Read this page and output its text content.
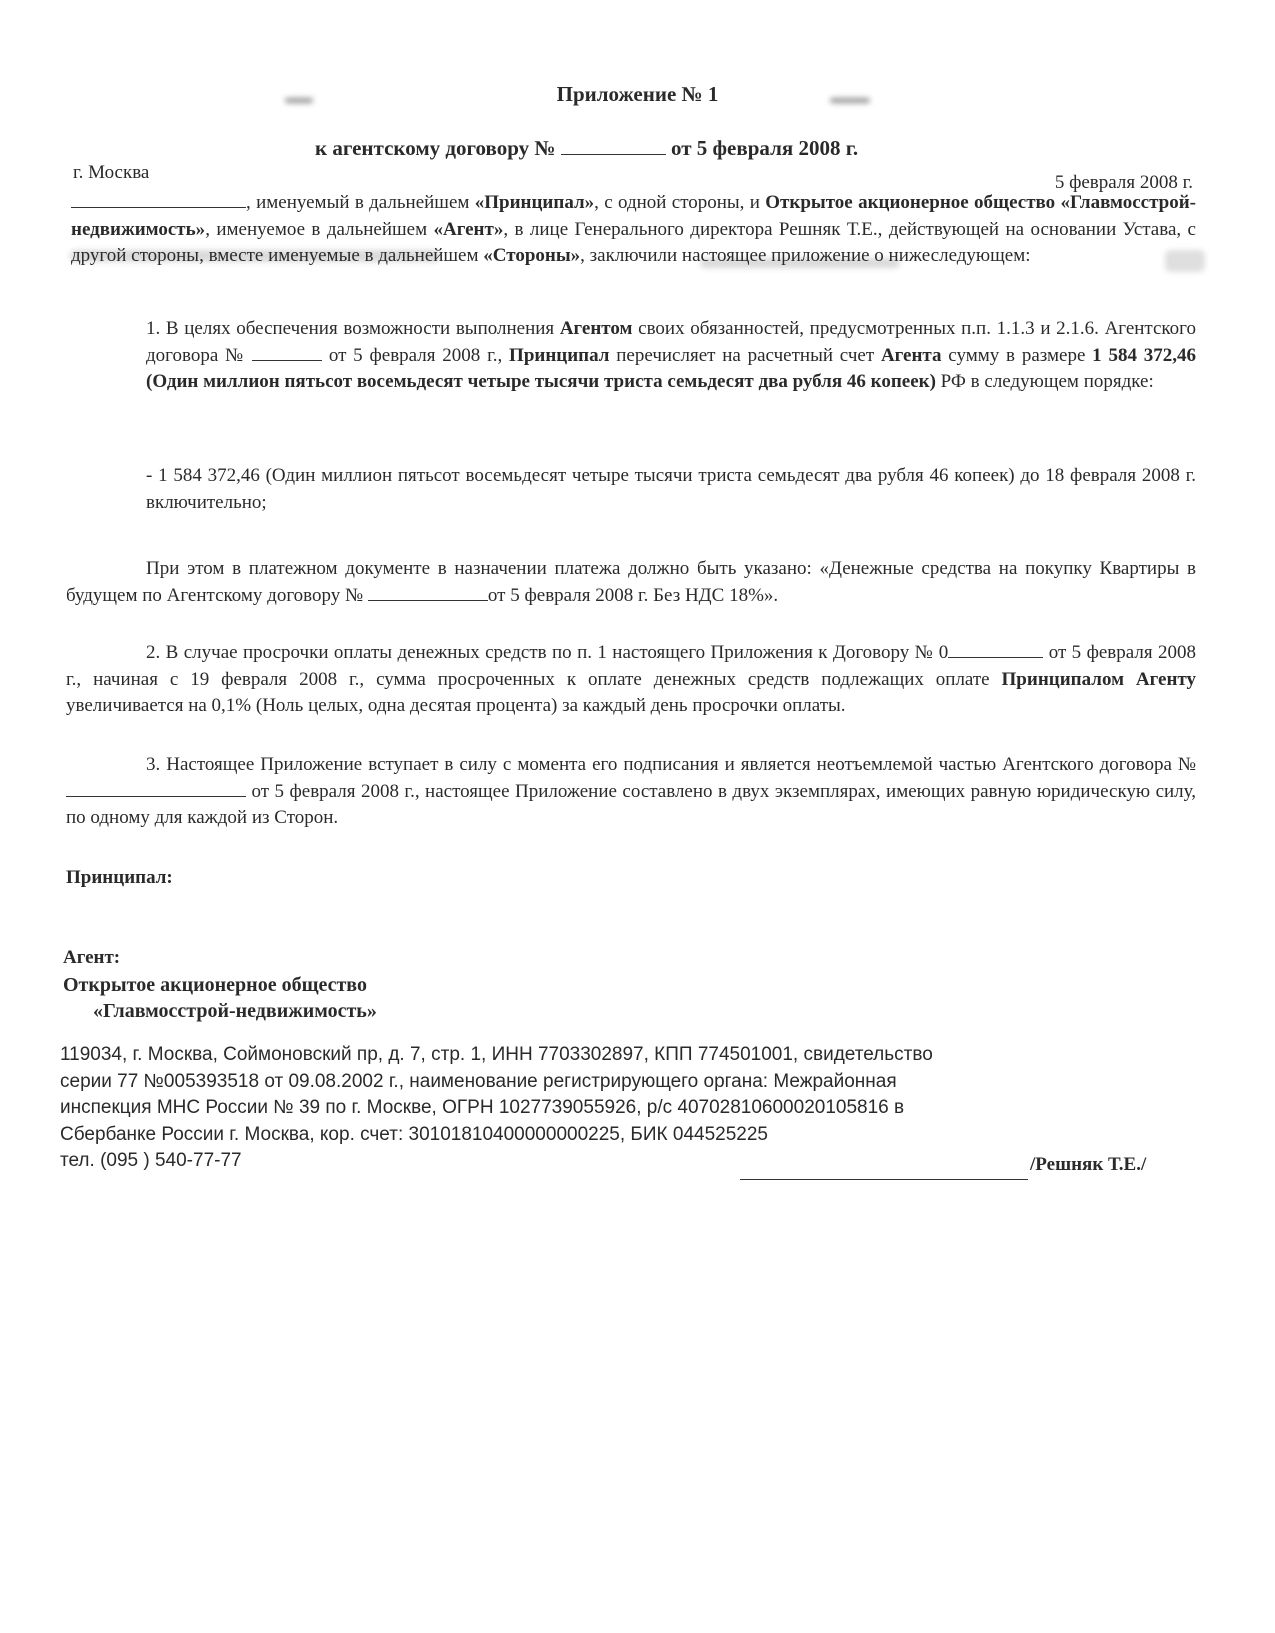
Приложение № 1
к агентскому договору №	от 5 февраля 2008 г.
г. Москва	5 февраля 2008 г.

, именуемый в дальнейшем «Принципал», с одной стороны, и Открытое акционерное общество «Главмосстрой-недвижимость», именуемое в дальнейшем «Агент», в лице Генерального директора Решняк Т.Е., действующей на основании Устава, с другой стороны, вместе именуемые в дальнейшем «Стороны», заключили настоящее приложение о нижеследующем:

1. В целях обеспечения возможности выполнения Агентом своих обязанностей, предусмотренных п.п. 1.1.3 и 2.1.6. Агентского договора №	от 5 февраля 2008 г., Принципал перечисляет на расчетный счет Агента сумму в размере 1 584 372,46 (Один миллион пятьсот восемьдесят четыре тысячи триста семьдесят два рубля 46 копеек) РФ в следующем порядке:

- 1 584 372,46 (Один миллион пятьсот восемьдесят четыре тысячи триста семьдесят два рубля 46 копеек) до 18 февраля 2008 г. включительно;

При этом в платежном документе в назначении платежа должно быть указано: «Денежные средства на покупку Квартиры в будущем по Агентскому договору №	от 5 февраля 2008 г. Без НДС 18%».

2. В случае просрочки оплаты денежных средств по п. 1 настоящего Приложения к Договору № 0	от 5 февраля 2008 г., начиная с 19 февраля 2008 г., сумма просроченных к оплате денежных средств подлежащих оплате Принципалом Агенту увеличивается на 0,1% (Ноль целых, одна десятая процента) за каждый день просрочки оплаты.

3. Настоящее Приложение вступает в силу с момента его подписания и является неотъемлемой частью Агентского договора №  от 5 февраля 2008 г., настоящее Приложение составлено в двух экземплярах, имеющих равную юридическую силу, по одному для каждой из Сторон.

Принципал:
Агент:
Открытое акционерное общество
«Главмосстрой-недвижимость»
119034, г. Москва, Соймоновский пр, д. 7, стр. 1, ИНН 7703302897, КПП 774501001, свидетельство
серии 77 №005393518 от 09.08.2002 г., наименование регистрирующего органа: Межрайонная
инспекция МНС России № 39 по г. Москве, ОГРН 1027739055926, р/с 40702810600020105816 в
Сбербанке России г. Москва, кор. счет: 30101810400000000225, БИК 044525225
тел. (095 ) 540-77-77	/Решняк Т.Е./
